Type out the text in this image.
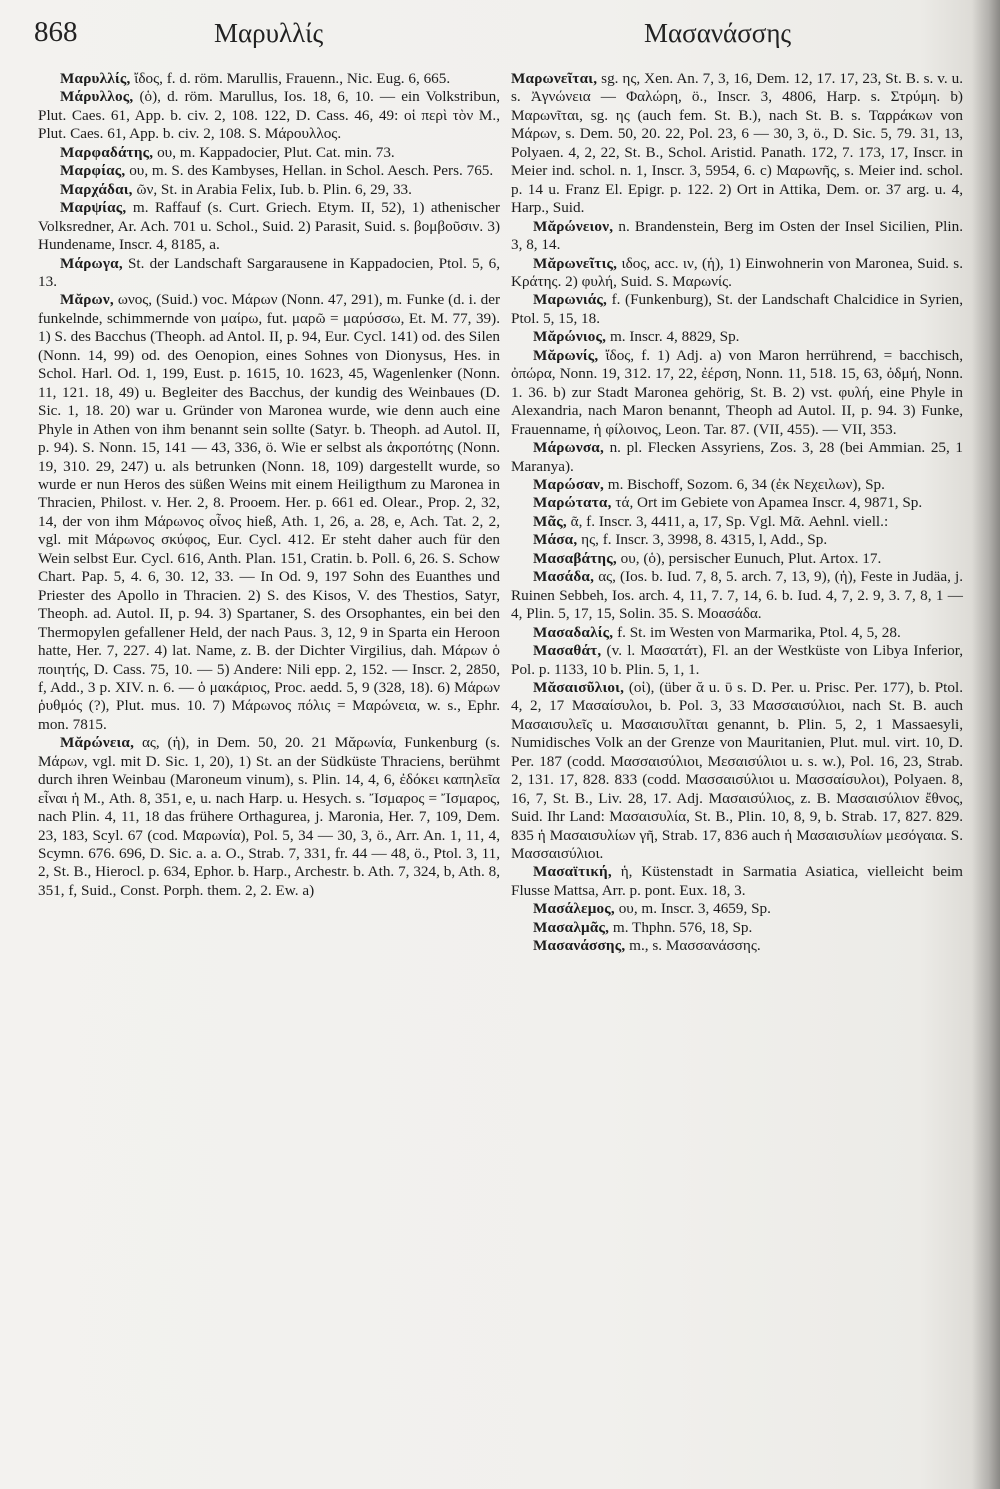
868	Μαρυλλίς	Μασανάσσης

Μαρυλλίς, ἴδος, f. d. röm. Marullis, Frauenn., Nic. Eug. 6, 665.

Μάρυλλος, (ὁ), d. röm. Marullus, Ios. 18, 6, 10. — ein Volkstribun, Plut. Caes. 61, App. b. civ. 2, 108. 122, D. Cass. 46, 49: οἱ περὶ τὸν Μ., Plut. Caes. 61, App. b. civ. 2, 108. S. Μάρουλλος.

Μαρφαδάτης, ου, m. Kappadocier, Plut. Cat. min. 73.

Μαρφίας, ου, m. S. des Kambyses, Hellan. in Schol. Aesch. Pers. 765.

Μαρχάδαι, ῶν, St. in Arabia Felix, Iub. b. Plin. 6, 29, 33.

Μαρψίας, m. Raffauf (s. Curt. Griech. Etym. II, 52), 1) athenischer Volksredner, Ar. Ach. 701 u. Schol., Suid. 2) Parasit, Suid. s. βομβοῦσιν. 3) Hundename, Inscr. 4, 8185, a.

Μάρωγα, St. der Landschaft Sargarausene in Kappadocien, Ptol. 5, 6, 13.

Μᾰρων, ωνος, (Suid.) voc. Μάρων (Nonn. 47, 291), m. Funke (d. i. der funkelnde, schimmernde von μαίρω, fut. μαρῶ = μαρύσσω, Et. M. 77, 39). 1) S. des Bacchus (Theoph. ad Antol. II, p. 94, Eur. Cycl. 141) od. des Silen (Nonn. 14, 99) od. des Oenopion, eines Sohnes von Dionysus, Hes. in Schol. Harl. Od. 1, 199, Eust. p. 1615, 10. 1623, 45, Wagenlenker (Nonn. 11, 121. 18, 49) u. Begleiter des Bacchus, der kundig des Weinbaues (D. Sic. 1, 18. 20) war u. Gründer von Maronea wurde, wie denn auch eine Phyle in Athen von ihm benannt sein sollte (Satyr. b. Theoph. ad Autol. II, p. 94). S. Nonn. 15, 141 — 43, 336, ö. Wie er selbst als ἀκροπότης (Nonn. 19, 310. 29, 247) u. als betrunken (Nonn. 18, 109) dargestellt wurde, so wurde er nun Heros des süßen Weins mit einem Heiligthum zu Maronea in Thracien, Philost. v. Her. 2, 8. Prooem. Her. p. 661 ed. Olear., Prop. 2, 32, 14, der von ihm Μάρωνος οἶνος hieß, Ath. 1, 26, a. 28, e, Ach. Tat. 2, 2, vgl. mit Μάρωνος σκύφος, Eur. Cycl. 412. Er steht daher auch für den Wein selbst Eur. Cycl. 616, Anth. Plan. 151, Cratin. b. Poll. 6, 26. S. Schow Chart. Pap. 5, 4. 6, 30. 12, 33. — In Od. 9, 197 Sohn des Euanthes und Priester des Apollo in Thracien. 2) S. des Kisos, V. des Thestios, Satyr, Theoph. ad. Autol. II, p. 94. 3) Spartaner, S. des Orsophantes, ein bei den Thermopylen gefallener Held, der nach Paus. 3, 12, 9 in Sparta ein Heroon hatte, Her. 7, 227. 4) lat. Name, z. B. der Dichter Virgilius, dah. Μάρων ὁ ποιητής, D. Cass. 75, 10. — 5) Andere: Nili epp. 2, 152. — Inscr. 2, 2850, f, Add., 3 p. XIV. n. 6. — ὁ μακάριος, Proc. aedd. 5, 9 (328, 18). 6) Μάρων ῥυθμός (?), Plut. mus. 10. 7) Μάρωνος πόλις = Μαρώνεια, w. s., Ephr. mon. 7815.

Μᾰρώνεια, ας, (ἡ), in Dem. 50, 20. 21 Μᾰρωνία, Funkenburg (s. Μάρων, vgl. mit D. Sic. 1, 20), 1) St. an der Südküste Thraciens, berühmt durch ihren Weinbau (Maroneum vinum), s. Plin. 14, 4, 6, ἐδόκει καπηλεῖα εἶναι ἡ Μ., Ath. 8, 351, e, u. nach Harp. u. Hesych. s. Ἴσμαρος = Ἴσμαρος, nach Plin. 4, 11, 18 das frühere Orthagurea, j. Maronia, Her. 7, 109, Dem. 23, 183, Scyl. 67 (cod. Μαρωνία), Pol. 5, 34 — 30, 3, ö., Arr. An. 1, 11, 4, Scymn. 676. 696, D. Sic. a. a. O., Strab. 7, 331, fr. 44 — 48, ö., Ptol. 3, 11, 2, St. B., Hierocl. p. 634, Ephor. b. Harp., Archestr. b. Ath. 7, 324, b, Ath. 8, 351, f, Suid., Const. Porph. them. 2, 2. Ew. a)

Μαρωνεῖται, sg. ης, Xen. An. 7, 3, 16, Dem. 12, 17. 17, 23, St. B. s. v. u. s. Ἀγνώνεια — Φαλώρη, ö., Inscr. 3, 4806, Harp. s. Στρύμη. b) Μαρωνῖται, sg. ης (auch fem. St. B.), nach St. B. s. Ταρράκων von Μάρων, s. Dem. 50, 20. 22, Pol. 23, 6 — 30, 3, ö., D. Sic. 5, 79. 31, 13, Polyaen. 4, 2, 22, St. B., Schol. Aristid. Panath. 172, 7. 173, 17, Inscr. in Meier ind. schol. n. 1, Inscr. 3, 5954, 6. c) Μαρωνῆς, s. Meier ind. schol. p. 14 u. Franz El. Epigr. p. 122. 2) Ort in Attika, Dem. or. 37 arg. u. 4, Harp., Suid.

Μᾰρώνειον, n. Brandenstein, Berg im Osten der Insel Sicilien, Plin. 3, 8, 14.

Μᾰρωνεῖτις, ιδος, acc. ιν, (ἡ), 1) Einwohnerin von Maronea, Suid. s. Κράτης. 2) φυλή, Suid. S. Μαρωνίς.

Μαρωνιάς, f. (Funkenburg), St. der Landschaft Chalcidice in Syrien, Ptol. 5, 15, 18.

Μᾰρώνιος, m. Inscr. 4, 8829, Sp.

Μᾰρωνίς, ἴδος, f. 1) Adj. a) von Maron herrührend, = bacchisch, ὀπώρα, Nonn. 19, 312. 17, 22, ἐέρση, Nonn. 11, 518. 15, 63, ὀδμή, Nonn. 1. 36. b) zur Stadt Maronea gehörig, St. B. 2) vst. φυλή, eine Phyle in Alexandria, nach Maron benannt, Theoph ad Autol. II, p. 94. 3) Funke, Frauenname, ἡ φίλοινος, Leon. Tar. 87. (VII, 455). — VII, 353.

Μάρωνσα, n. pl. Flecken Assyriens, Zos. 3, 28 (bei Ammian. 25, 1 Maranya).

Μαρώσαν, m. Bischoff, Sozom. 6, 34 (ἐκ Νεχειλων), Sp.

Μαρώτατα, τά, Ort im Gebiete von Apamea Inscr. 4, 9871, Sp.

Μᾶς, ᾶ, f. Inscr. 3, 4411, a, 17, Sp. Vgl. Μᾶ. Aehnl. viell.:

Μάσα, ης, f. Inscr. 3, 3998, 8. 4315, l, Add., Sp.

Μασαβάτης, ου, (ὁ), persischer Eunuch, Plut. Artox. 17.

Μασάδα, ας, (Ios. b. Iud. 7, 8, 5. arch. 7, 13, 9), (ἡ), Feste in Judäa, j. Ruinen Sebbeh, Ios. arch. 4, 11, 7. 7, 14, 6. b. Iud. 4, 7, 2. 9, 3. 7, 8, 1 — 4, Plin. 5, 17, 15, Solin. 35. S. Μοασάδα.

Μασαδαλίς, f. St. im Westen von Marmarika, Ptol. 4, 5, 28.

Μασαθάτ, (v. l. Μασατάτ), Fl. an der Westküste von Libya Inferior, Pol. p. 1133, 10 b. Plin. 5, 1, 1.

Μᾰσαισῦλιοι, (οἱ), (über ᾰ u. ῡ s. D. Per. u. Prisc. Per. 177), b. Ptol. 4, 2, 17 Μασαίσυλοι, b. Pol. 3, 33 Μασσαισύλιοι, nach St. B. auch Μασαισυλεῖς u. Μασαισυλῖται genannt, b. Plin. 5, 2, 1 Massaesyli, Numidisches Volk an der Grenze von Mauritanien, Plut. mul. virt. 10, D. Per. 187 (codd. Μασσαισύλιοι, Μεσαισύλιοι u. s. w.), Pol. 16, 23, Strab. 2, 131. 17, 828. 833 (codd. Μασσαισύλιοι u. Μασσαίσυλοι), Polyaen. 8, 16, 7, St. B., Liv. 28, 17. Adj. Μασαισύλιος, z. B. Μασαισύλιον ἔθνος, Suid. Ihr Land: Μασαισυλία, St. B., Plin. 10, 8, 9, b. Strab. 17, 827. 829. 835 ἡ Μασαισυλίων γῆ, Strab. 17, 836 auch ἡ Μασαισυλίων μεσόγαια. S. Μασσαισύλιοι.

Μασαϊτική, ἡ, Küstenstadt in Sarmatia Asiatica, vielleicht beim Flusse Mattsa, Arr. p. pont. Eux. 18, 3.

Μασάλεμος, ου, m. Inscr. 3, 4659, Sp.

Μασαλμᾶς, m. Thphn. 576, 18, Sp.

Μασανάσσης, m., s. Μασσανάσσης.
